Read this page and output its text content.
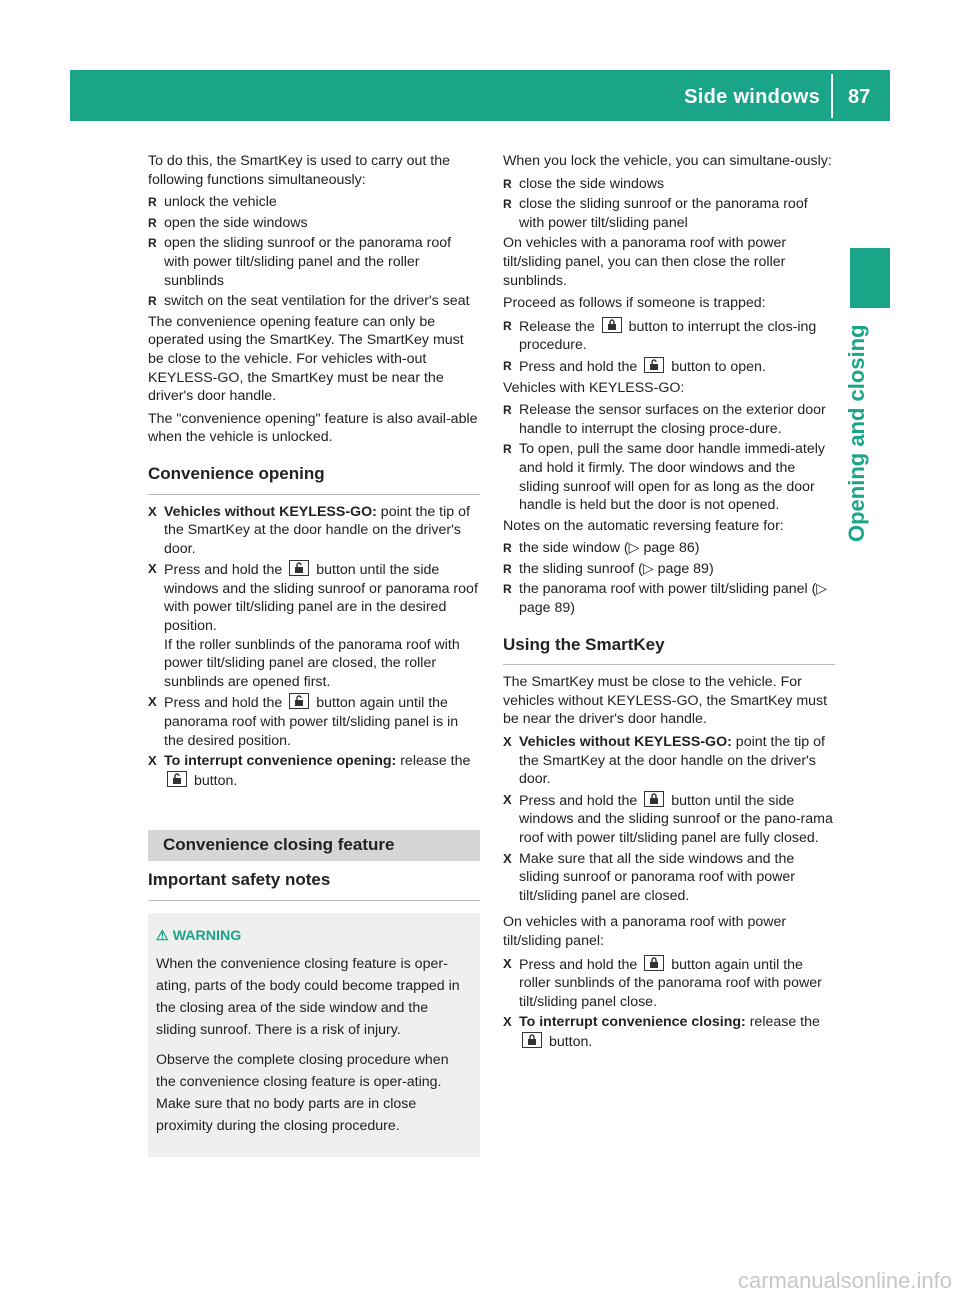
Side windows 87
Opening and closing

To do this, the SmartKey is used to carry out the following functions simultaneously:

R unlock the vehicle
R open the side windows
R open the sliding sunroof or the panorama roof with power tilt/sliding panel and the roller sunblinds
R switch on the seat ventilation for the driver's seat

The convenience opening feature can only be operated using the SmartKey. The SmartKey must be close to the vehicle. For vehicles with-out KEYLESS-GO, the SmartKey must be near the driver's door handle.

The "convenience opening" feature is also avail-able when the vehicle is unlocked.

Convenience opening
X Vehicles without KEYLESS-GO: point the tip of the SmartKey at the door handle on the driver's door.
X Press and hold the button until the side windows and the sliding sunroof or panorama roof with power tilt/sliding panel are in the desired position.
If the roller sunblinds of the panorama roof with power tilt/sliding panel are closed, the roller sunblinds are opened first.
X Press and hold the button again until the panorama roof with power tilt/sliding panel is in the desired position.
X To interrupt convenience opening: release the
button.
Convenience closing feature
Important safety notes
⚠ WARNING

When the convenience closing feature is oper-ating, parts of the body could become trapped in the closing area of the side window and the sliding sunroof. There is a risk of injury.

Observe the complete closing procedure when the convenience closing feature is oper-ating. Make sure that no body parts are in close proximity during the closing procedure.

When you lock the vehicle, you can simultane-ously:

R close the side windows
R close the sliding sunroof or the panorama roof with power tilt/sliding panel

On vehicles with a panorama roof with power tilt/sliding panel, you can then close the roller sunblinds.

Proceed as follows if someone is trapped:

R Release the button to interrupt the clos-ing procedure.
R Press and hold the button to open.

Vehicles with KEYLESS-GO:

R Release the sensor surfaces on the exterior door handle to interrupt the closing proce-dure.
R To open, pull the same door handle immedi-ately and hold it firmly. The door windows and the sliding sunroof will open for as long as the door handle is held but the door is not opened.

Notes on the automatic reversing feature for:

R the side window (▷ page 86)
R the sliding sunroof (▷ page 89)
R the panorama roof with power tilt/sliding panel (▷ page 89)
Using the SmartKey

The SmartKey must be close to the vehicle. For vehicles without KEYLESS-GO, the SmartKey must be near the driver's door handle.

X Vehicles without KEYLESS-GO: point the tip of the SmartKey at the door handle on the driver's door.
X Press and hold the button until the side windows and the sliding sunroof or the pano-rama roof with power tilt/sliding panel are fully closed.
X Make sure that all the side windows and the sliding sunroof or panorama roof with power tilt/sliding panel are closed.

On vehicles with a panorama roof with power tilt/sliding panel:

X Press and hold the button again until the roller sunblinds of the panorama roof with power tilt/sliding panel close.
X To interrupt convenience closing: release the
button.
carmanualsonline.info
